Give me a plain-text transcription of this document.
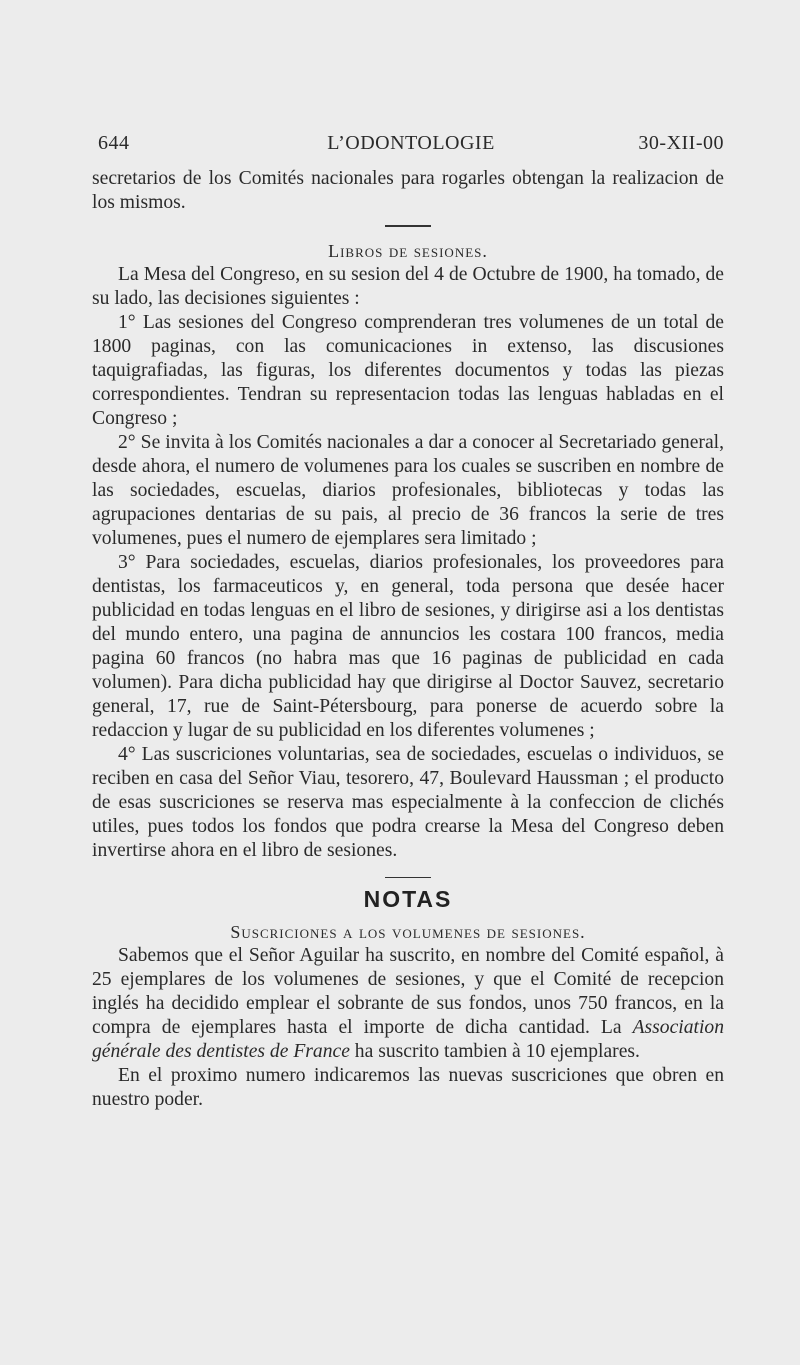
644	L’ODONTOLOGIE	30-XII-00

secretarios de los Comités nacionales para rogarles obtengan la realizacion de los mismos.

Libros de sesiones.

La Mesa del Congreso, en su sesion del 4 de Octubre de 1900, ha tomado, de su lado, las decisiones siguientes :

1° Las sesiones del Congreso comprenderan tres volumenes de un total de 1800 paginas, con las comunicaciones in extenso, las discusiones taquigrafiadas, las figuras, los diferentes documentos y todas las piezas correspondientes. Tendran su representacion todas las lenguas habladas en el Congreso ;

2° Se invita à los Comités nacionales a dar a conocer al Secretariado general, desde ahora, el numero de volumenes para los cuales se suscriben en nombre de las sociedades, escuelas, diarios profesionales, bibliotecas y todas las agrupaciones dentarias de su pais, al precio de 36 francos la serie de tres volumenes, pues el numero de ejemplares sera limitado ;

3° Para sociedades, escuelas, diarios profesionales, los proveedores para dentistas, los farmaceuticos y, en general, toda persona que desée hacer publicidad en todas lenguas en el libro de sesiones, y dirigirse asi a los dentistas del mundo entero, una pagina de annuncios les costara 100 francos, media pagina 60 francos (no habra mas que 16 paginas de publicidad en cada volumen). Para dicha publicidad hay que dirigirse al Doctor Sauvez, secretario general, 17, rue de Saint-Pétersbourg, para ponerse de acuerdo sobre la redaccion y lugar de su publicidad en los diferentes volumenes ;

4° Las suscriciones voluntarias, sea de sociedades, escuelas o individuos, se reciben en casa del Señor Viau, tesorero, 47, Boulevard Haussman ; el producto de esas suscriciones se reserva mas especialmente à la confeccion de clichés utiles, pues todos los fondos que podra crearse la Mesa del Congreso deben invertirse ahora en el libro de sesiones.

NOTAS

Suscriciones a los volumenes de sesiones.

Sabemos que el Señor Aguilar ha suscrito, en nombre del Comité español, à 25 ejemplares de los volumenes de sesiones, y que el Comité de recepcion inglés ha decidido emplear el sobrante de sus fondos, unos 750 francos, en la compra de ejemplares hasta el importe de dicha cantidad. La Association générale des dentistes de France ha suscrito tambien à 10 ejemplares.

En el proximo numero indicaremos las nuevas suscriciones que obren en nuestro poder.
